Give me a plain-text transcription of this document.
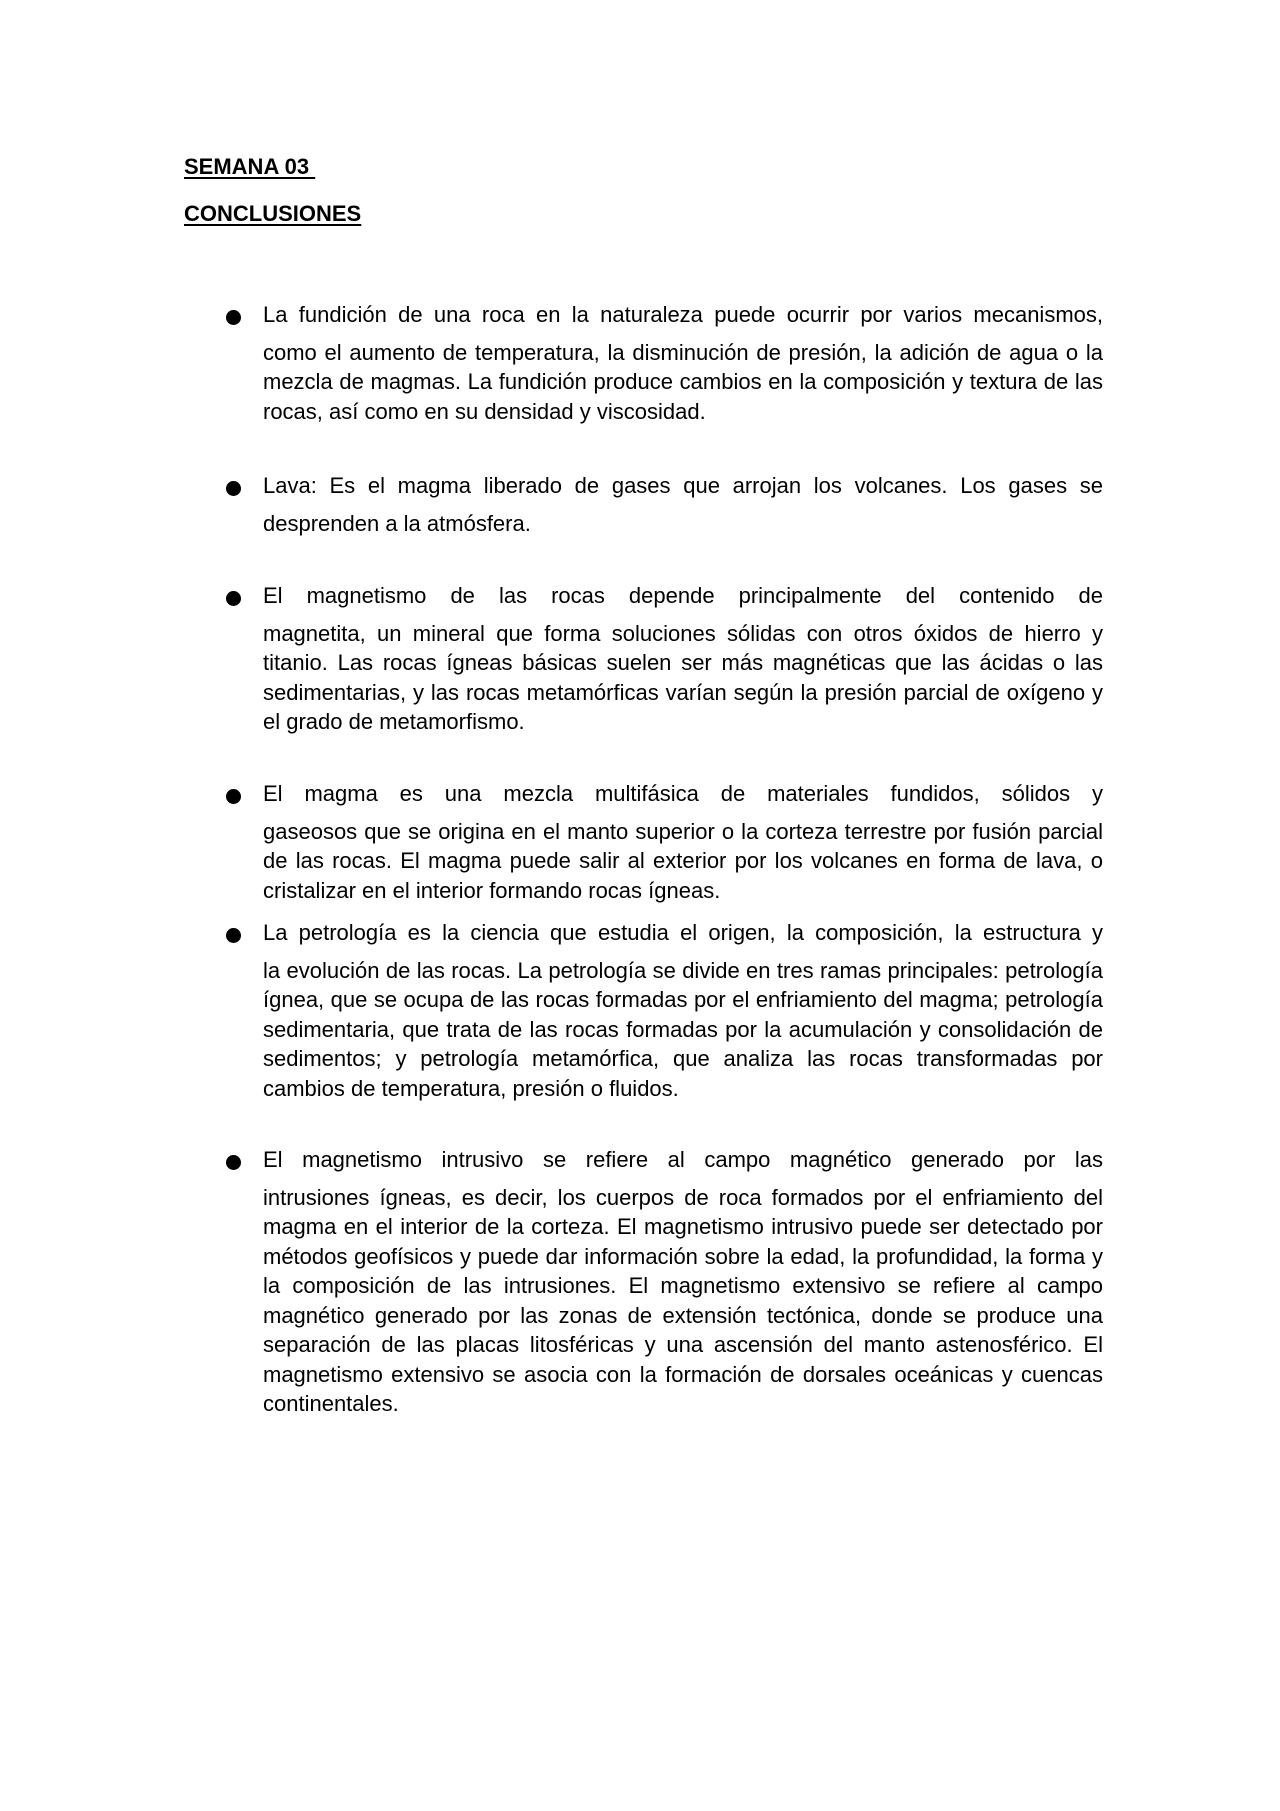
SEMANA 03

CONCLUSIONES

La fundición de una roca en la naturaleza puede ocurrir por varios mecanismos,
como el aumento de temperatura, la disminución de presión, la adición de agua o la mezcla de magmas. La fundición produce cambios en la composición y textura de las rocas, así como en su densidad y viscosidad.
Lava: Es el magma liberado de gases que arrojan los volcanes. Los gases se
desprenden a la atmósfera.
El magnetismo de las rocas depende principalmente del contenido de
magnetita, un mineral que forma soluciones sólidas con otros óxidos de hierro y titanio. Las rocas ígneas básicas suelen ser más magnéticas que las ácidas o las sedimentarias, y las rocas metamórficas varían según la presión parcial de oxígeno y el grado de metamorfismo.
El magma es una mezcla multifásica de materiales fundidos, sólidos y
gaseosos que se origina en el manto superior o la corteza terrestre por fusión parcial de las rocas. El magma puede salir al exterior por los volcanes en forma de lava, o cristalizar en el interior formando rocas ígneas.
La petrología es la ciencia que estudia el origen, la composición, la estructura y
la evolución de las rocas. La petrología se divide en tres ramas principales: petrología ígnea, que se ocupa de las rocas formadas por el enfriamiento del magma; petrología sedimentaria, que trata de las rocas formadas por la acumulación y consolidación de sedimentos; y petrología metamórfica, que analiza las rocas transformadas por cambios de temperatura, presión o fluidos.
El magnetismo intrusivo se refiere al campo magnético generado por las
intrusiones ígneas, es decir, los cuerpos de roca formados por el enfriamiento del magma en el interior de la corteza. El magnetismo intrusivo puede ser detectado por métodos geofísicos y puede dar información sobre la edad, la profundidad, la forma y la composición de las intrusiones. El magnetismo extensivo se refiere al campo magnético generado por las zonas de extensión tectónica, donde se produce una separación de las placas litosféricas y una ascensión del manto astenosférico. El magnetismo extensivo se asocia con la formación de dorsales oceánicas y cuencas continentales.
